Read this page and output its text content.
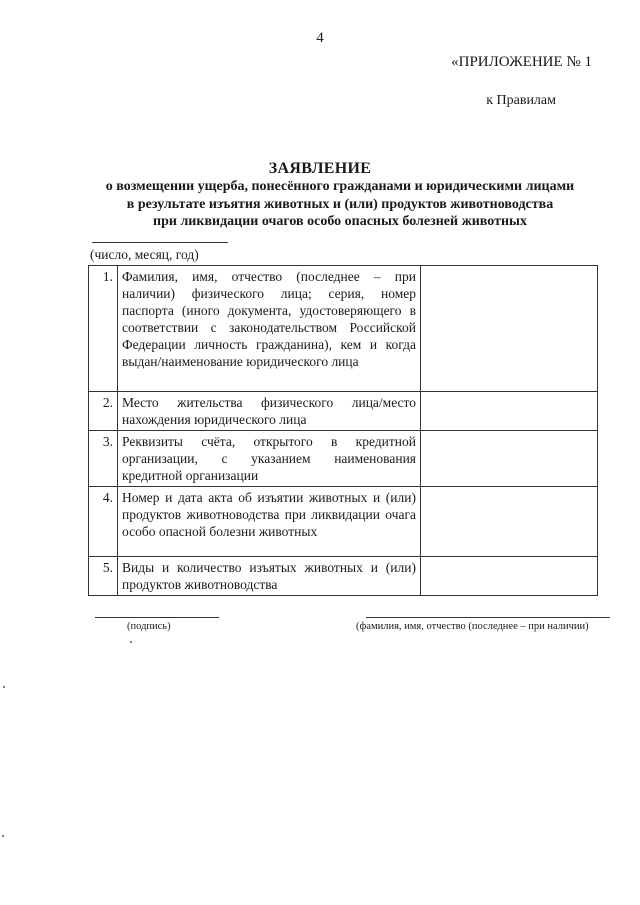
4
«ПРИЛОЖЕНИЕ № 1
к Правилам
ЗАЯВЛЕНИЕ
о возмещении ущерба, понесённого гражданами и юридическими лицами
в результате изъятия животных и (или) продуктов животноводства
при ликвидации очагов особо опасных болезней животных
(число, месяц, год)
1.	Фамилия, имя, отчество (последнее – при наличии) физического лица; серия, номер паспорта (иного документа, удостоверяющего в соответствии с законодательством Российской Федерации личность гражданина), кем и когда выдан/наименование юридического лица	
2.	Место жительства физического лица/место нахождения юридического лица	
3.	Реквизиты счёта, открытого в кредитной организации, с указанием наименования кредитной организации	
4.	Номер и дата акта об изъятии животных и (или) продуктов животноводства при ликвидации очага особо опасной болезни животных	
5.	Виды и количество изъятых животных и (или) продуктов животноводства	
(подпись)	(фамилия, имя, отчество (последнее – при наличии)
